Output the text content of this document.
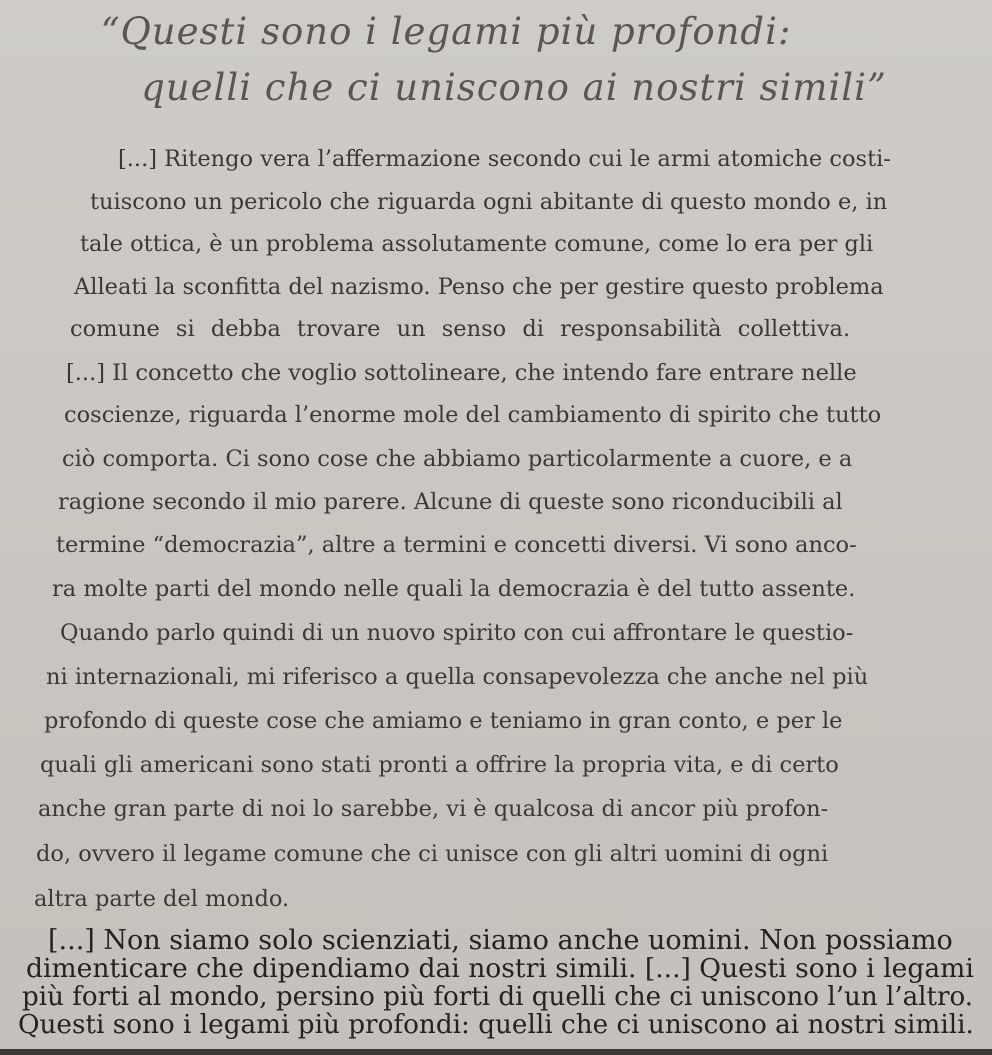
“Questi sono i legami più profondi:
quelli che ci uniscono ai nostri simili”

[...] Ritengo vera l’affermazione secondo cui le armi atomiche costi-

tuiscono un pericolo che riguarda ogni abitante di questo mondo e, in

tale ottica, è un problema assolutamente comune, come lo era per gli

Alleati la sconfitta del nazismo. Penso che per gestire questo problema

comune si debba trovare un senso di responsabilità collettiva.

[...] Il concetto che voglio sottolineare, che intendo fare entrare nelle

coscienze, riguarda l’enorme mole del cambiamento di spirito che tutto

ciò comporta. Ci sono cose che abbiamo particolarmente a cuore, e a

ragione secondo il mio parere. Alcune di queste sono riconducibili al

termine “democrazia”, altre a termini e concetti diversi. Vi sono anco-

ra molte parti del mondo nelle quali la democrazia è del tutto assente.

Quando parlo quindi di un nuovo spirito con cui affrontare le questio-

ni internazionali, mi riferisco a quella consapevolezza che anche nel più

profondo di queste cose che amiamo e teniamo in gran conto, e per le

quali gli americani sono stati pronti a offrire la propria vita, e di certo

anche gran parte di noi lo sarebbe, vi è qualcosa di ancor più profon-

do, ovvero il legame comune che ci unisce con gli altri uomini di ogni

altra parte del mondo.

[...] Non siamo solo scienziati, siamo anche uomini. Non possiamo

dimenticare che dipendiamo dai nostri simili. [...] Questi sono i legami

più forti al mondo, persino più forti di quelli che ci uniscono l’un l’altro.

Questi sono i legami più profondi: quelli che ci uniscono ai nostri simili.
